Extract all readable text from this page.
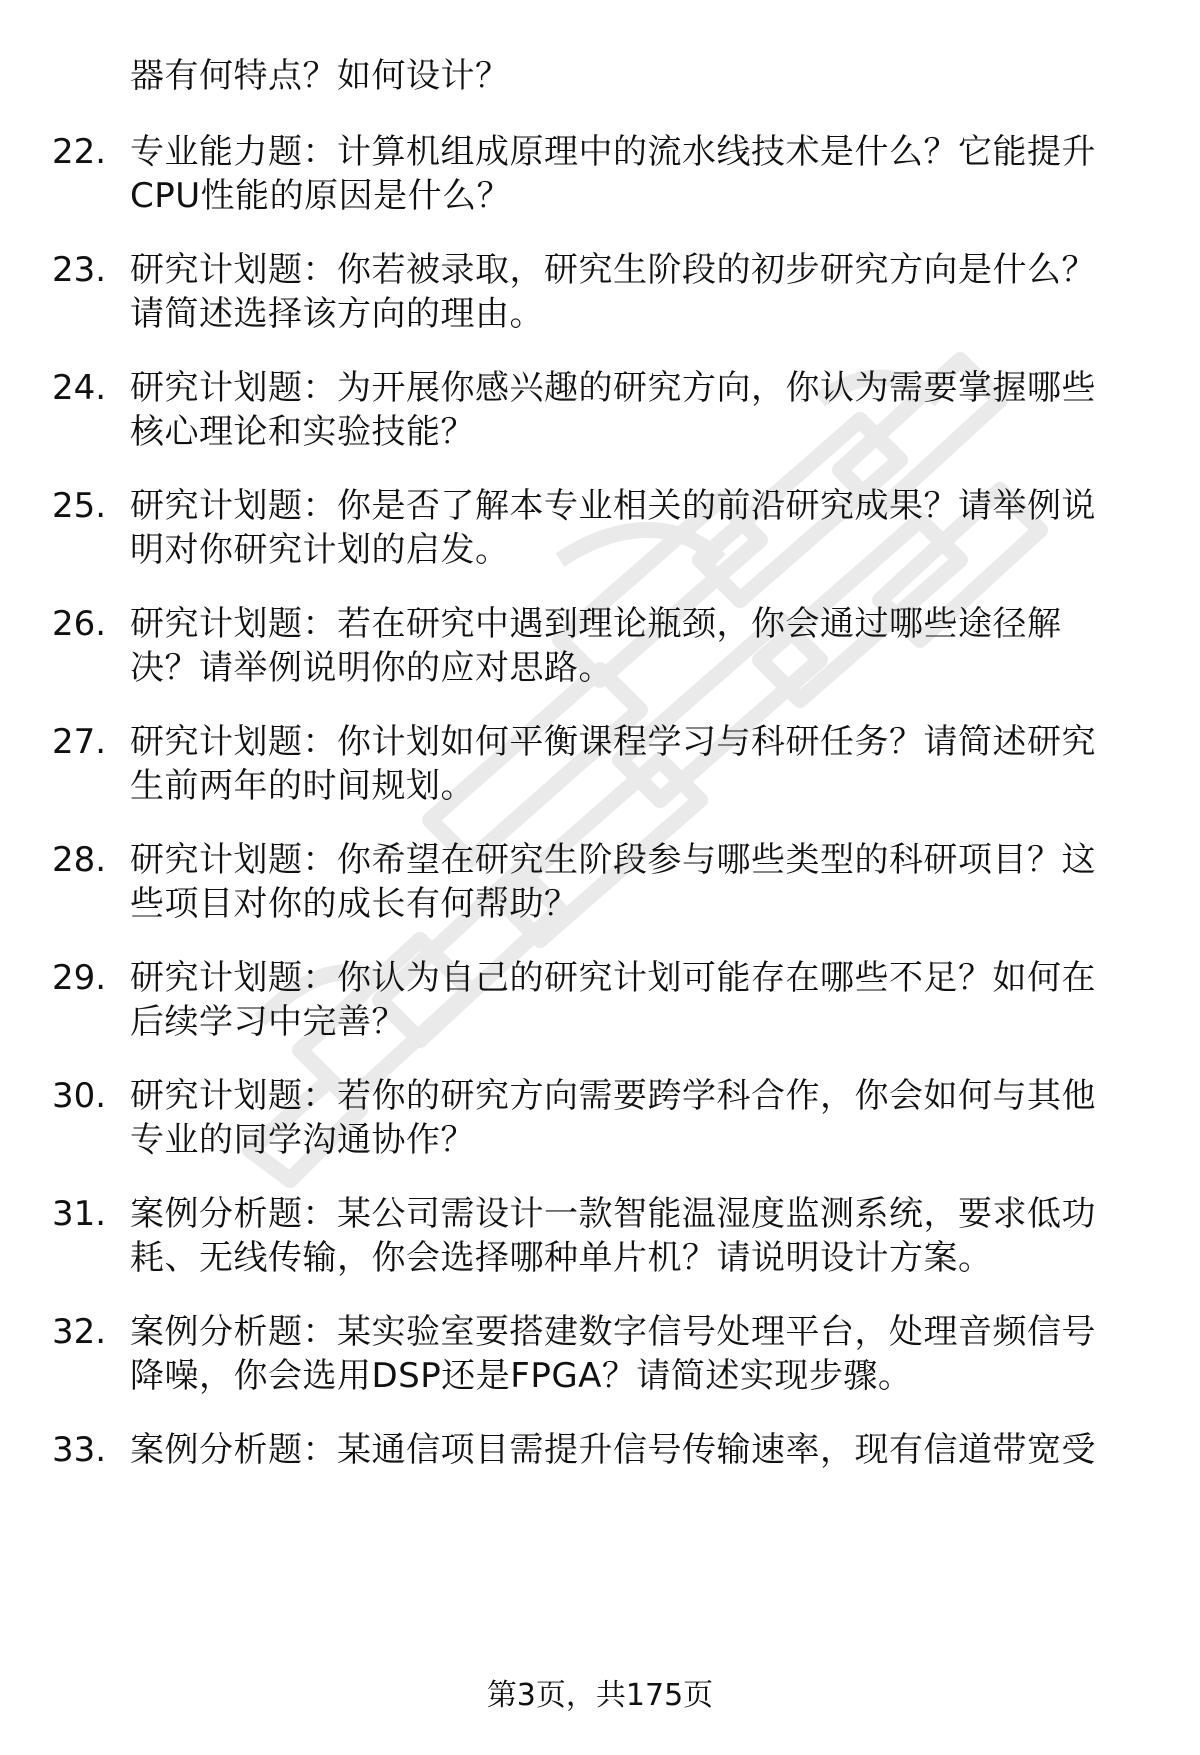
器有何特点？如何设计？
22. 专业能力题：计算机组成原理中的流水线技术是什么？它能提升
CPU性能的原因是什么？
23. 研究计划题：你若被录取，研究生阶段的初步研究方向是什么？
请简述选择该方向的理由。
24. 研究计划题：为开展你感兴趣的研究方向，你认为需要掌握哪些
核心理论和实验技能？
25. 研究计划题：你是否了解本专业相关的前沿研究成果？请举例说
明对你研究计划的启发。
26. 研究计划题：若在研究中遇到理论瓶颈，你会通过哪些途径解
决？请举例说明你的应对思路。
27. 研究计划题：你计划如何平衡课程学习与科研任务？请简述研究
生前两年的时间规划。
28. 研究计划题：你希望在研究生阶段参与哪些类型的科研项目？这
些项目对你的成长有何帮助？
29. 研究计划题：你认为自己的研究计划可能存在哪些不足？如何在
后续学习中完善？
30. 研究计划题：若你的研究方向需要跨学科合作，你会如何与其他
专业的同学沟通协作？
31. 案例分析题：某公司需设计一款智能温湿度监测系统，要求低功
耗、无线传输，你会选择哪种单片机？请说明设计方案。
32. 案例分析题：某实验室要搭建数字信号处理平台，处理音频信号
降噪，你会选用DSP还是FPGA？请简述实现步骤。
33. 案例分析题：某通信项目需提升信号传输速率，现有信道带宽受
第3页，共175页
